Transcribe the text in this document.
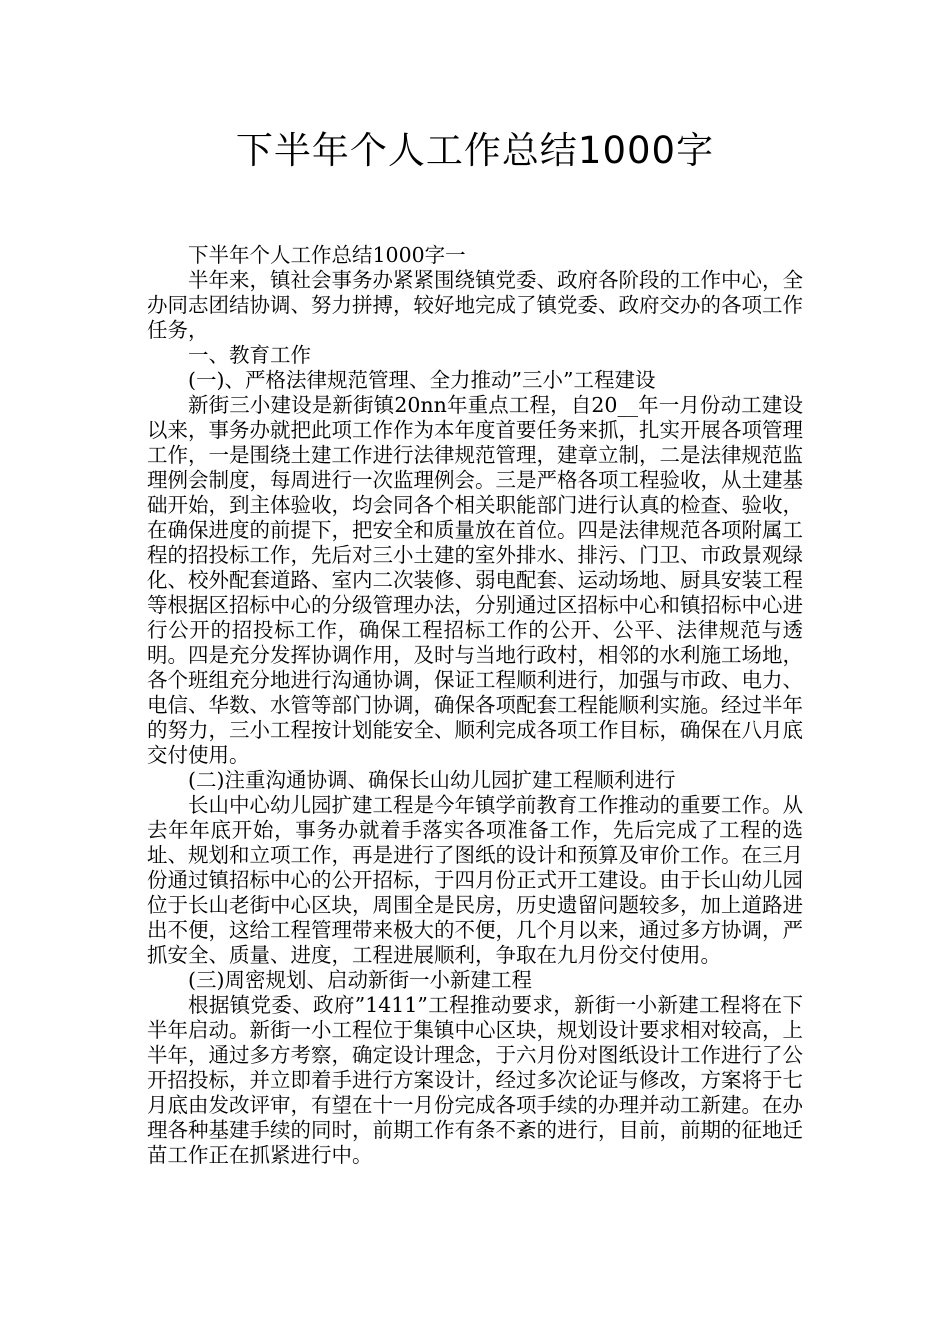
下半年个人工作总结1000字

下半年个人工作总结1000字一

半年来，镇社会事务办紧紧围绕镇党委、政府各阶段的工作中心，全办同志团结协调、努力拼搏，较好地完成了镇党委、政府交办的各项工作任务，

一、教育工作

(一)、严格法律规范管理、全力推动”三小”工程建设

新街三小建设是新街镇20nn年重点工程，自20__年一月份动工建设以来，事务办就把此项工作作为本年度首要任务来抓，扎实开展各项管理工作，一是围绕土建工作进行法律规范管理，建章立制，二是法律规范监理例会制度，每周进行一次监理例会。三是严格各项工程验收，从土建基础开始，到主体验收，均会同各个相关职能部门进行认真的检查、验收，在确保进度的前提下，把安全和质量放在首位。四是法律规范各项附属工程的招投标工作，先后对三小土建的室外排水、排污、门卫、市政景观绿化、校外配套道路、室内二次装修、弱电配套、运动场地、厨具安装工程等根据区招标中心的分级管理办法，分别通过区招标中心和镇招标中心进行公开的招投标工作，确保工程招标工作的公开、公平、法律规范与透明。四是充分发挥协调作用，及时与当地行政村，相邻的水利施工场地，各个班组充分地进行沟通协调，保证工程顺利进行，加强与市政、电力、电信、华数、水管等部门协调，确保各项配套工程能顺利实施。经过半年的努力，三小工程按计划能安全、顺利完成各项工作目标，确保在八月底交付使用。

(二)注重沟通协调、确保长山幼儿园扩建工程顺利进行

长山中心幼儿园扩建工程是今年镇学前教育工作推动的重要工作。从去年年底开始，事务办就着手落实各项准备工作，先后完成了工程的选址、规划和立项工作，再是进行了图纸的设计和预算及审价工作。在三月份通过镇招标中心的公开招标，于四月份正式开工建设。由于长山幼儿园位于长山老街中心区块，周围全是民房，历史遗留问题较多，加上道路进出不便，这给工程管理带来极大的不便，几个月以来，通过多方协调，严抓安全、质量、进度，工程进展顺利，争取在九月份交付使用。

(三)周密规划、启动新街一小新建工程

根据镇党委、政府”1411”工程推动要求，新街一小新建工程将在下半年启动。新街一小工程位于集镇中心区块，规划设计要求相对较高，上半年，通过多方考察，确定设计理念，于六月份对图纸设计工作进行了公开招投标，并立即着手进行方案设计，经过多次论证与修改，方案将于七月底由发改评审，有望在十一月份完成各项手续的办理并动工新建。在办理各种基建手续的同时，前期工作有条不紊的进行，目前，前期的征地迁苗工作正在抓紧进行中。
